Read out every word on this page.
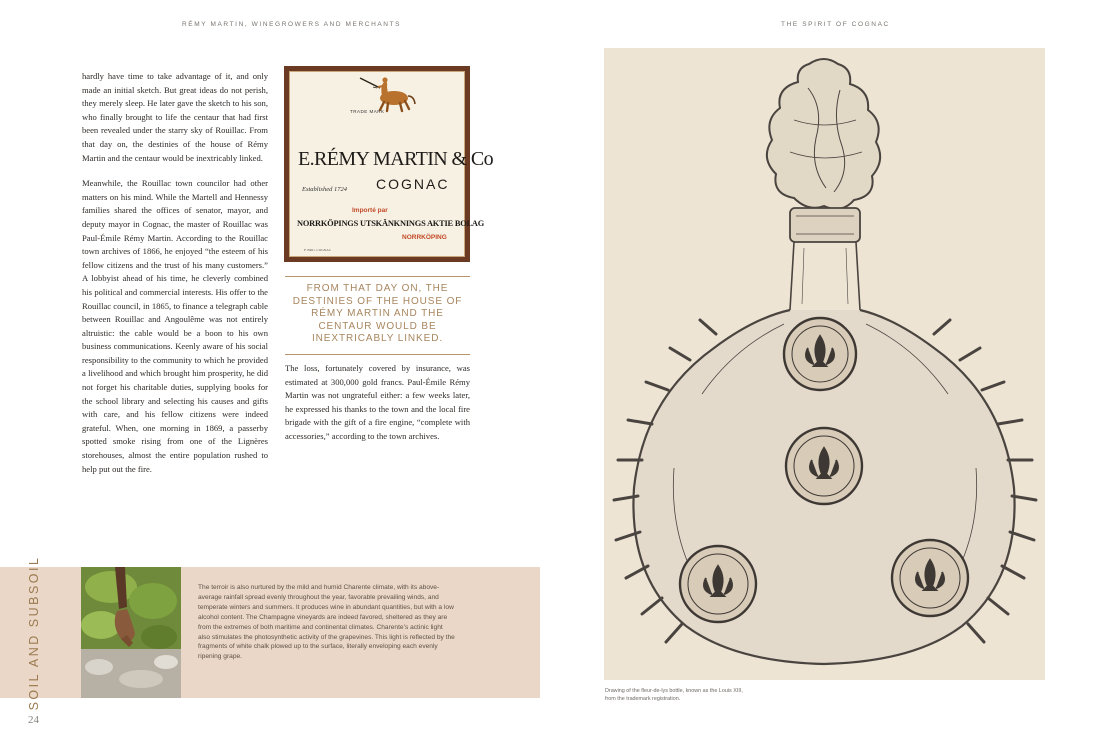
RÉMY MARTIN, WINEGROWERS AND MERCHANTS	THE SPIRIT OF COGNAC

hardly have time to take advantage of it, and only made an initial sketch. But great ideas do not perish, they merely sleep. He later gave the sketch to his son, who finally brought to life the centaur that had first been revealed under the starry sky of Rouillac. From that day on, the destinies of the house of Rémy Martin and the centaur would be inextricably linked.

Meanwhile, the Rouillac town councilor had other matters on his mind. While the Martell and Hennessy families shared the offices of senator, mayor, and deputy mayor in Cognac, the master of Rouillac was Paul-Émile Rémy Martin. According to the Rouillac town archives of 1866, he enjoyed “the esteem of his fellow citizens and the trust of his many customers.” A lobbyist ahead of his time, he cleverly combined his political and commercial interests. His offer to the Rouillac council, in 1865, to finance a telegraph cable between Rouillac and Angoulême was not entirely altruistic: the cable would be a boon to his own business communications. Keenly aware of his social responsibility to the community to which he provided a livelihood and which brought him prosperity, he did not forget his charitable duties, supplying books for the school library and selecting his causes and gifts with care, and his fellow citizens were indeed grateful. When, one morning in 1869, a passerby spotted smoke rising from one of the Lignères storehouses, almost the entire population rushed to help put out the fire.

TRADE MARK
E.RÉMY MARTIN & Co
Established 1724 COGNAC
Importé par
NORRKÖPINGS UTSKÄNKNINGS AKTIE BOLAG
NORRKÖPING
F. BRU. COGNAC
FROM THAT DAY ON, THE DESTINIES OF THE HOUSE OF RÉMY MARTIN AND THE CENTAUR WOULD BE INEXTRICABLY LINKED.

The loss, fortunately covered by insurance, was estimated at 300,000 gold francs. Paul-Émile Rémy Martin was not ungrateful either: a few weeks later, he expressed his thanks to the town and the local fire brigade with the gift of a fire engine, “complete with accessories,” according to the town archives.

SOIL AND SUBSOIL	The terroir is also nurtured by the mild and humid Charente climate, with its above-average rainfall spread evenly throughout the year, favorable prevailing winds, and temperate winters and summers. It produces wine in abundant quantities, but with a low alcohol content. The Champagne vineyards are indeed favored, sheltered as they are from the extremes of both maritime and continental climates. Charente’s actinic light also stimulates the photosynthetic activity of the grapevines. This light is reflected by the fragments of white chalk plowed up to the surface, literally enveloping each evenly ripening grape.
24
Drawing of the fleur-de-lys bottle, known as the Louis XIII, from the trademark registration.
